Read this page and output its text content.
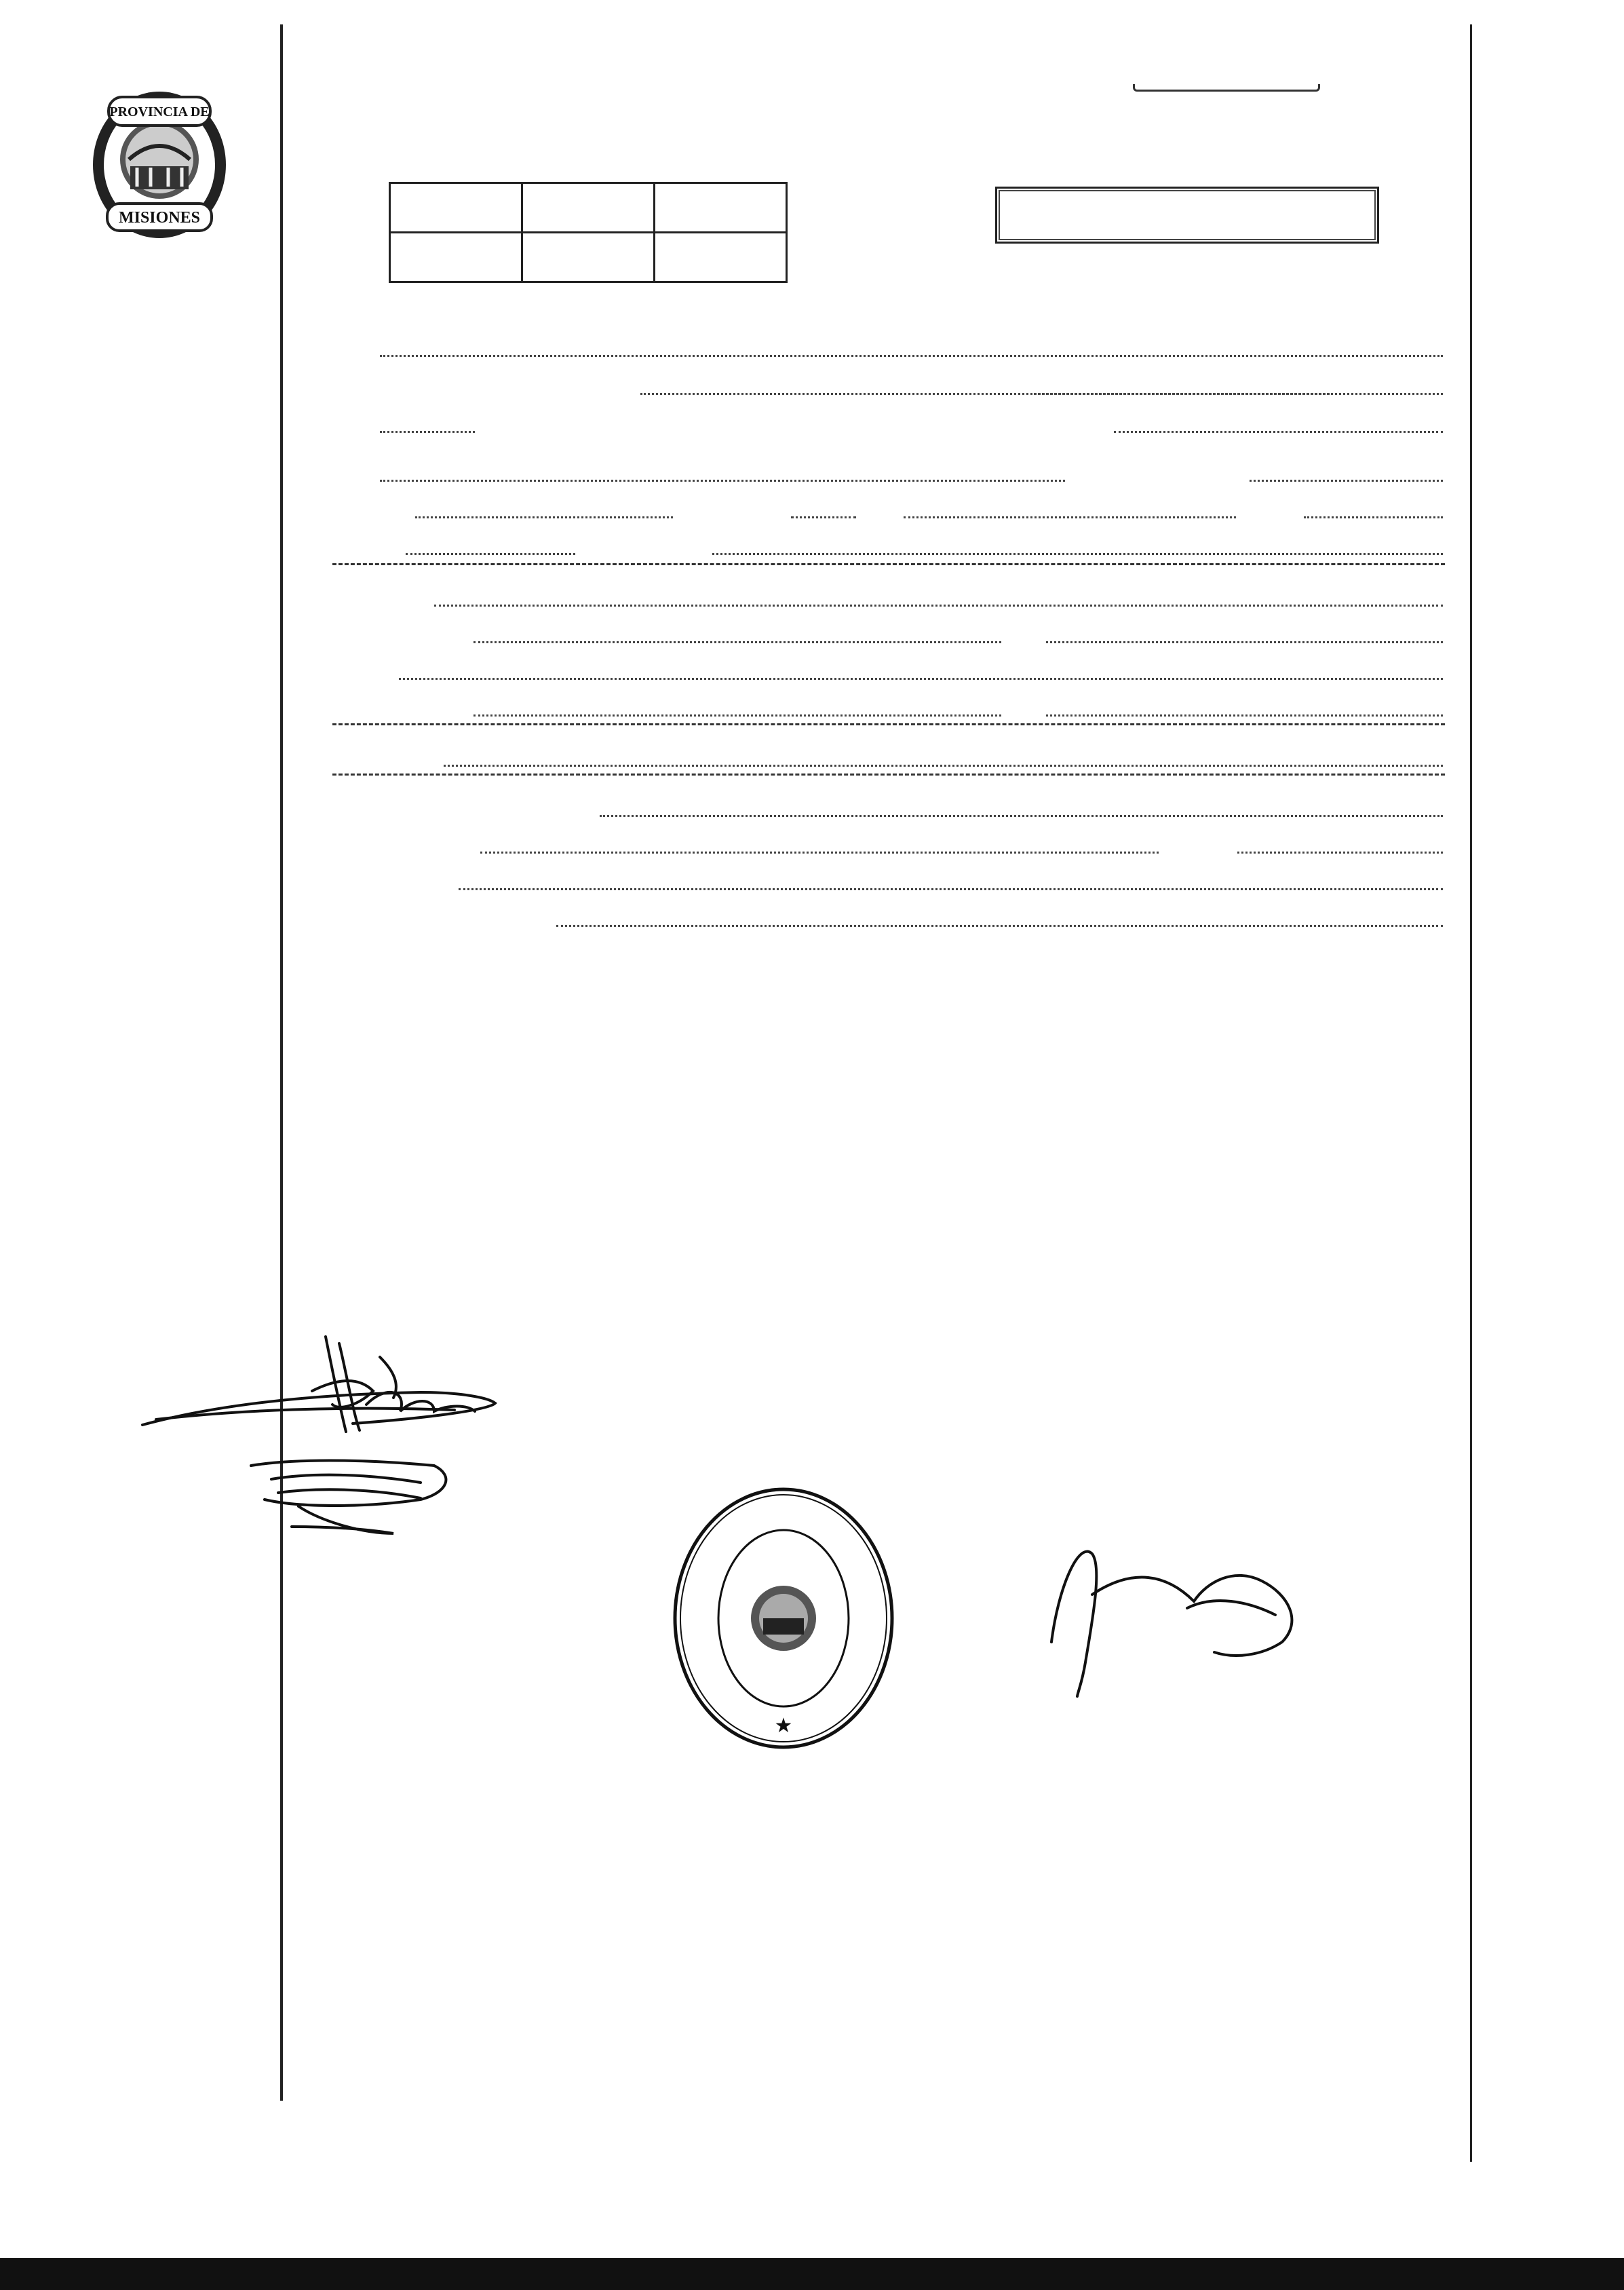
PROVINCIA DE
MISIONES

★
